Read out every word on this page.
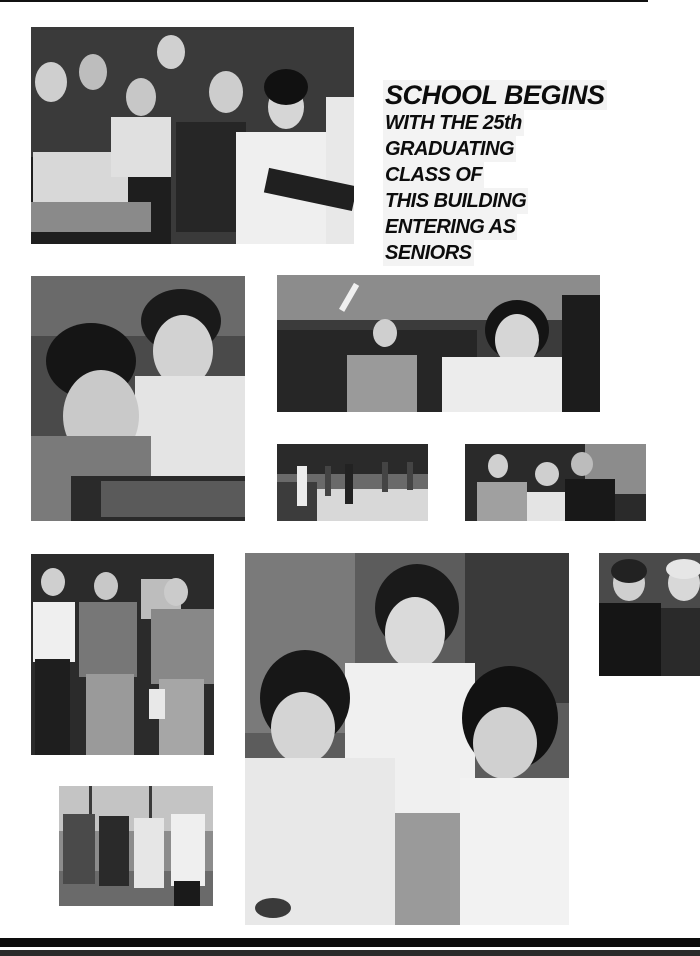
SCHOOL BEGINS
WITH THE 25th
GRADUATING
CLASS OF
THIS BUILDING
ENTERING AS
SENIORS
